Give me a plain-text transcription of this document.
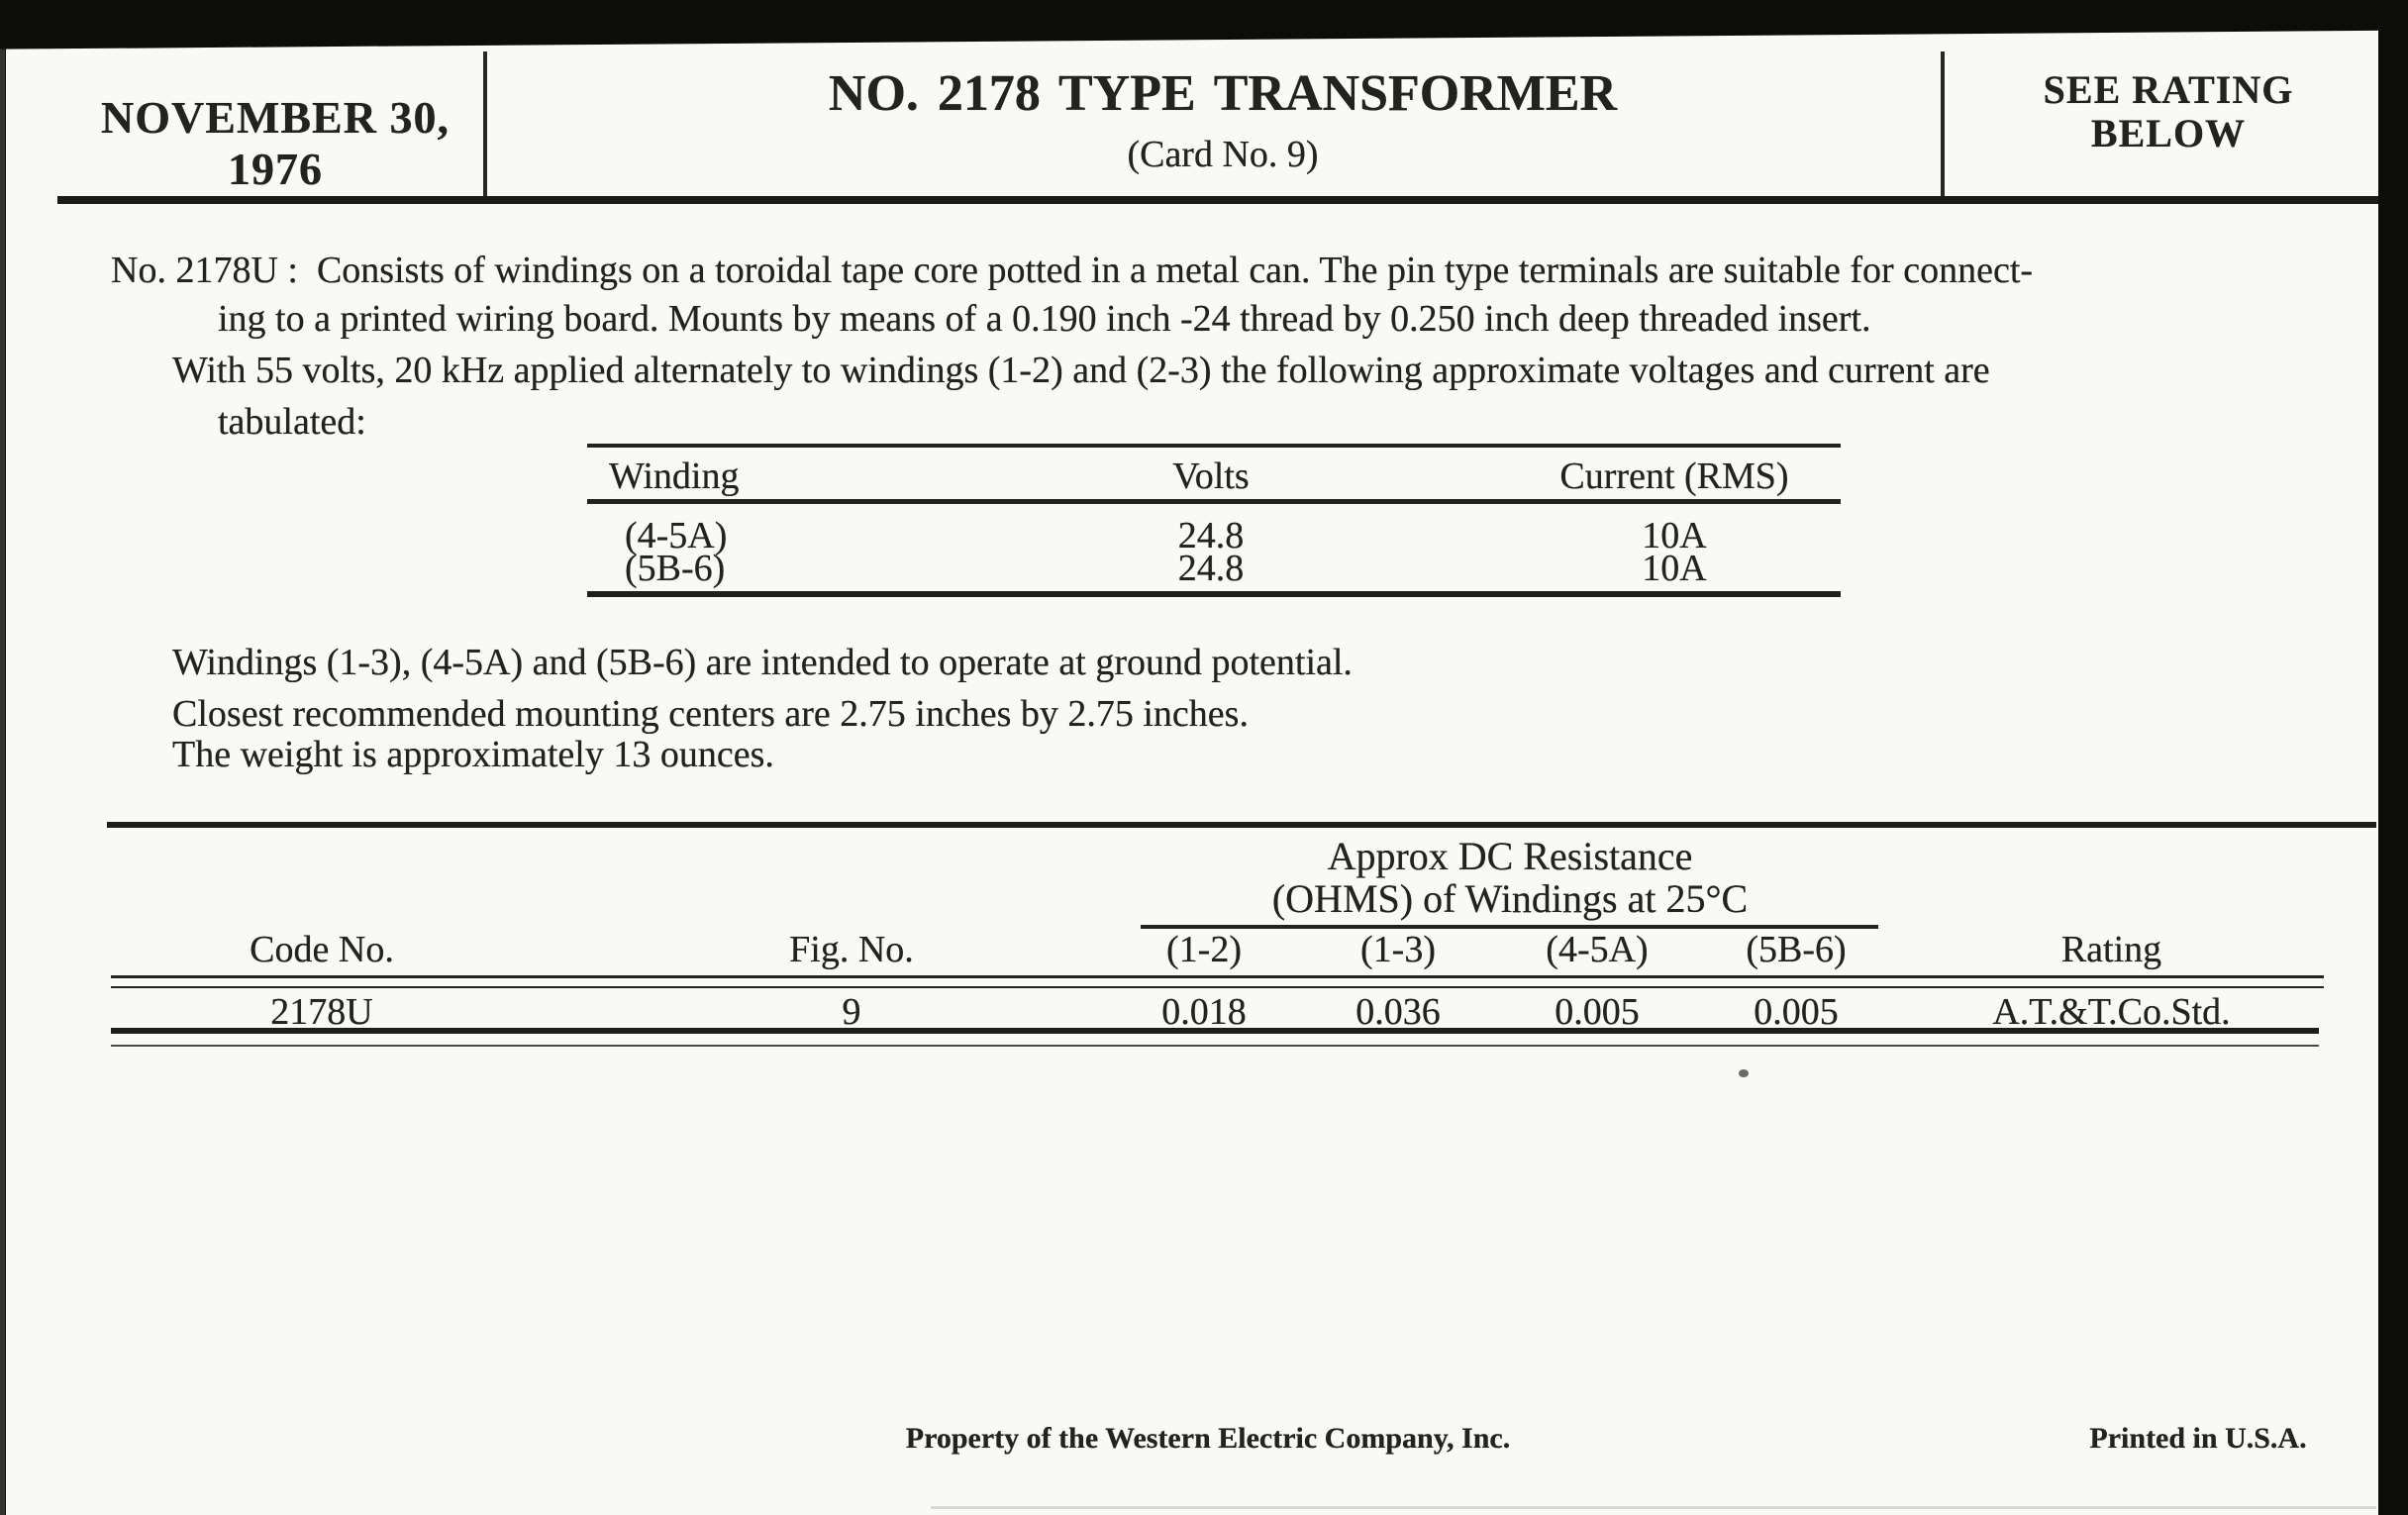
NOVEMBER 30, 1976
NO. 2178 TYPE TRANSFORMER
(Card No. 9)
SEE RATING
BELOW
No. 2178U :  Consists of windings on a toroidal tape core potted in a metal can. The pin type terminals are suitable for connect-
ing to a printed wiring board. Mounts by means of a 0.190 inch -24 thread by 0.250 inch deep threaded insert.
With 55 volts, 20 kHz applied alternately to windings (1-2) and (2-3) the following approximate voltages and current are
tabulated:
Winding	Volts	Current (RMS)
(4-5A)	24.8	10A
(5B-6)	24.8	10A
Windings (1-3), (4-5A) and (5B-6) are intended to operate at ground potential.
Closest recommended mounting centers are 2.75 inches by 2.75 inches.
The weight is approximately 13 ounces.
Approx DC Resistance
(OHMS) of Windings at 25°C
Code No.	Fig. No.	(1-2)	(1-3)	(4-5A)	(5B-6)	Rating
2178U	9	0.018	0.036	0.005	0.005	A.T.&T.Co.Std.
Property of the Western Electric Company, Inc.	Printed in U.S.A.
